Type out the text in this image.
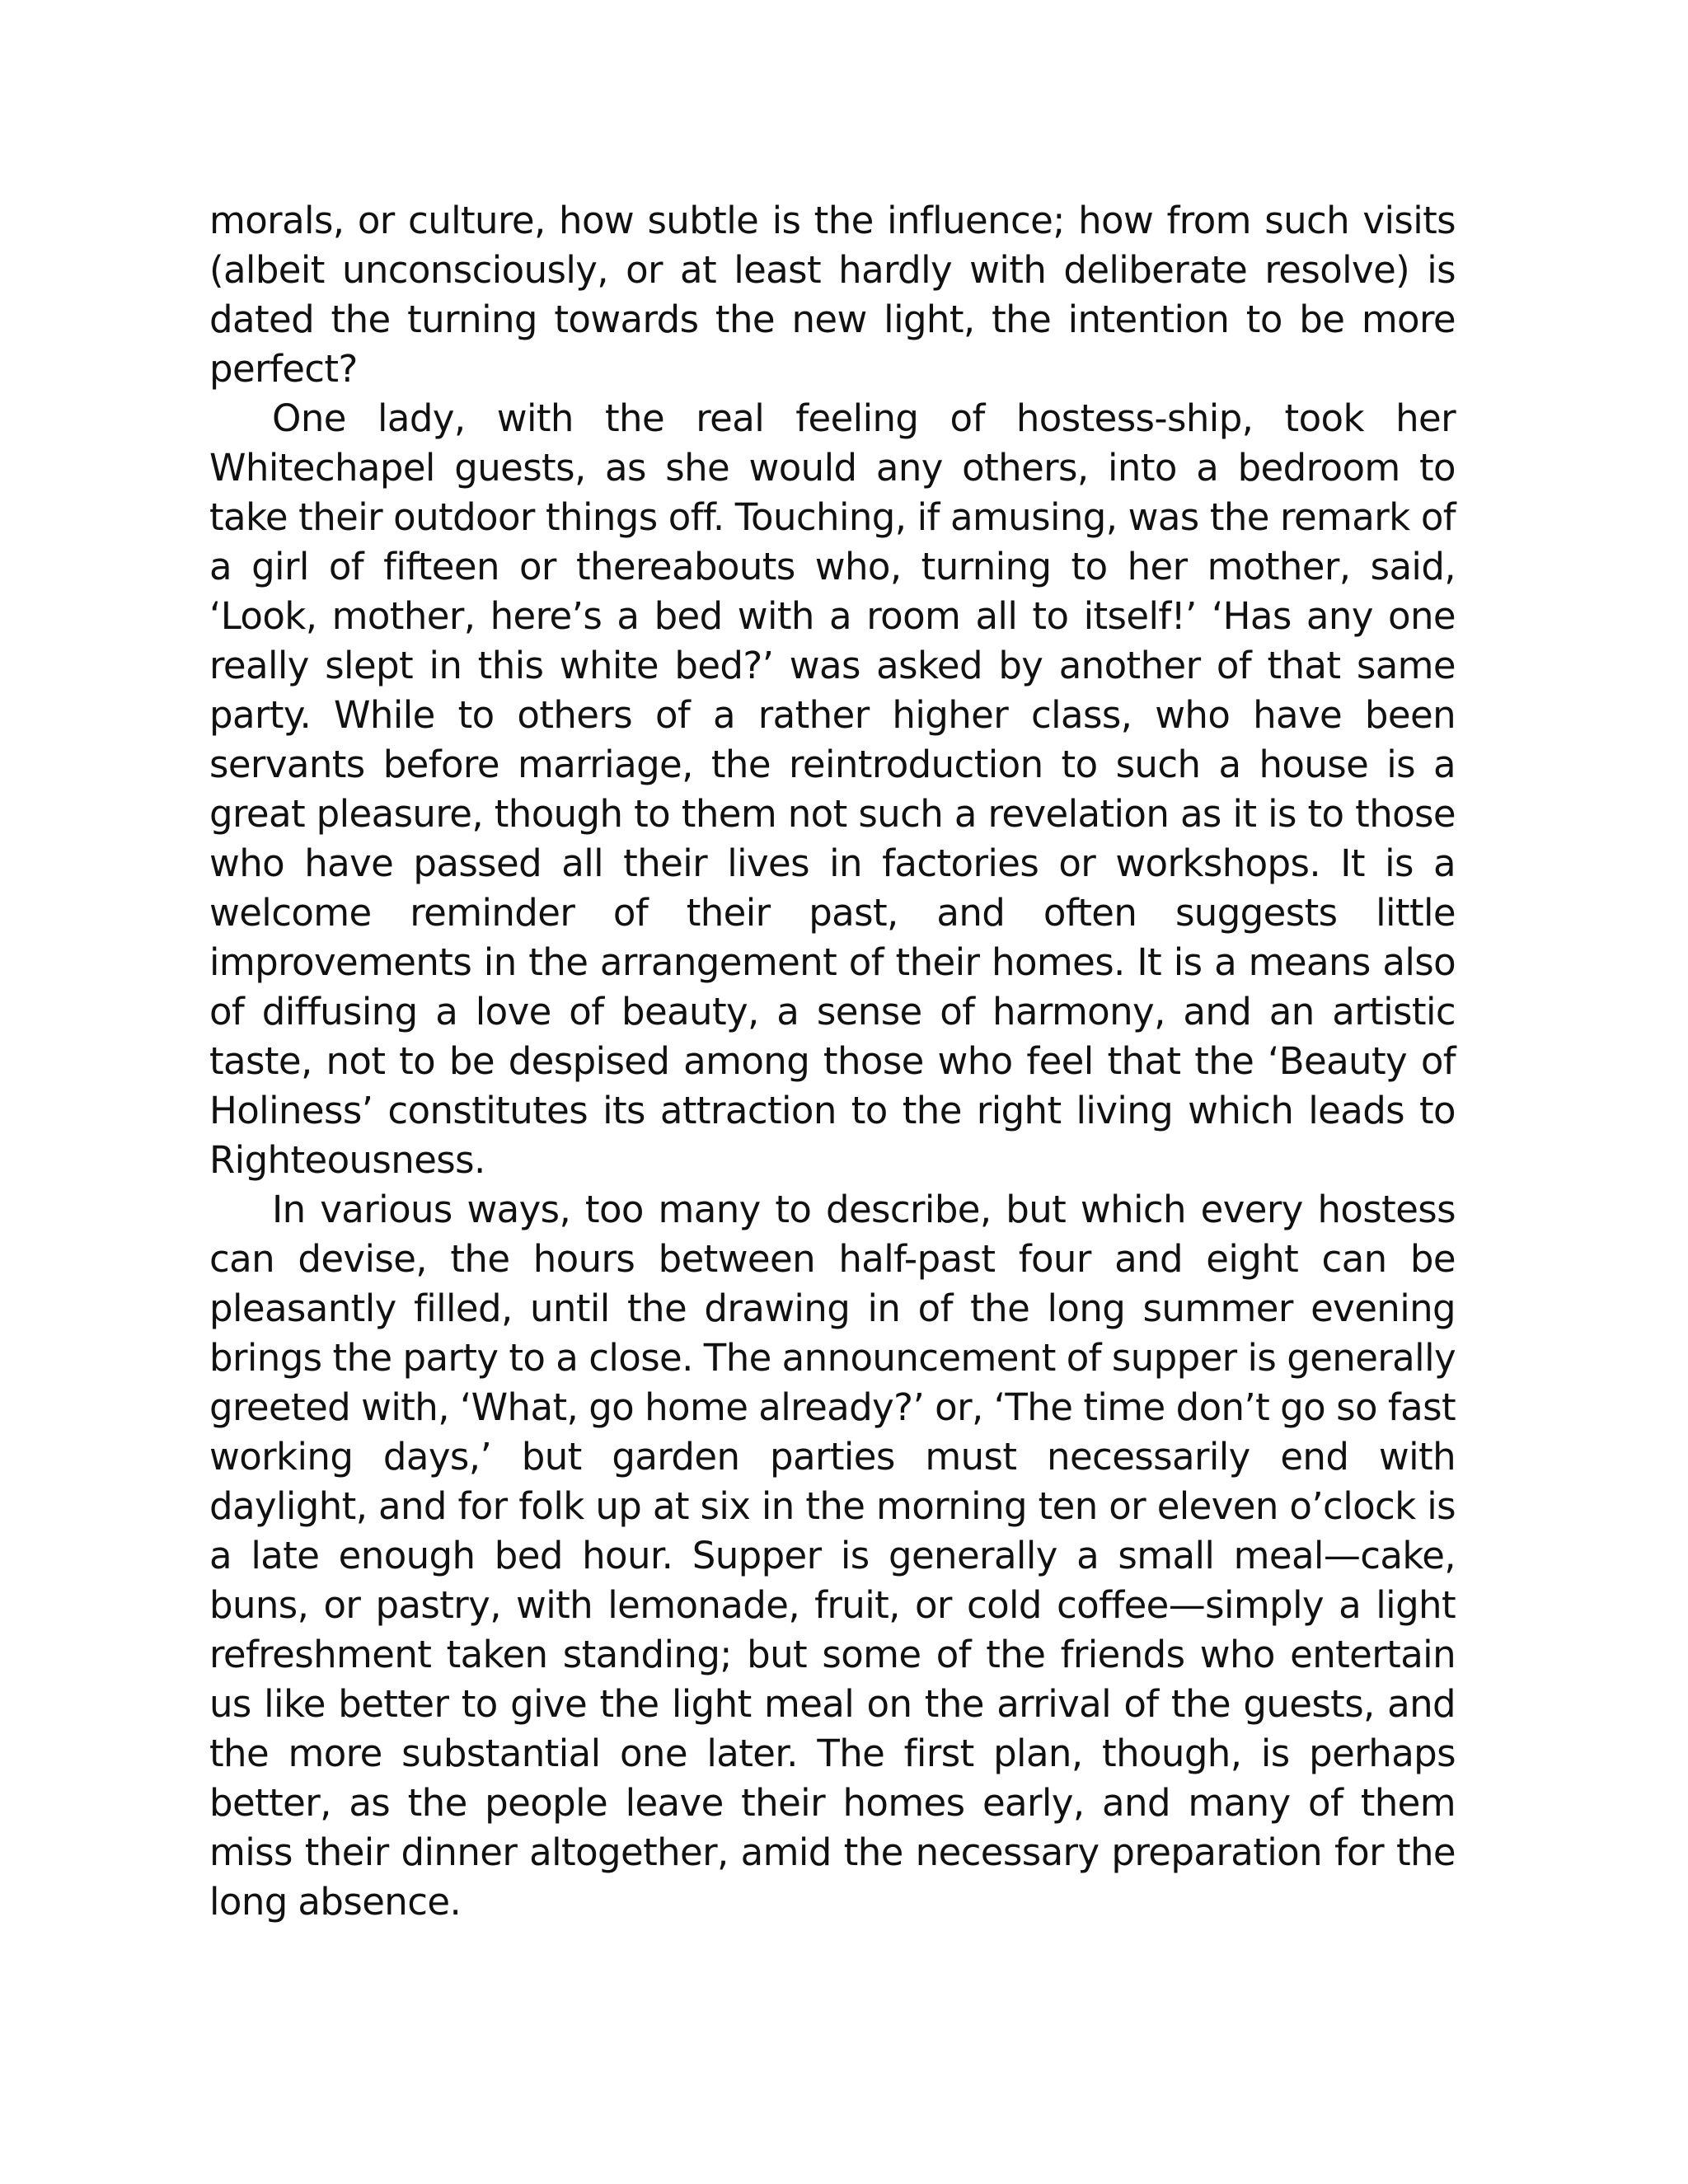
morals, or culture, how subtle is the influence; how from such visits (albeit unconsciously, or at least hardly with deliberate resolve) is dated the turning towards the new light, the intention to be more perfect?

One lady, with the real feeling of hostess-ship, took her Whitechapel guests, as she would any others, into a bedroom to take their outdoor things off. Touching, if amusing, was the remark of a girl of fifteen or thereabouts who, turning to her mother, said, ‘Look, mother, here’s a bed with a room all to itself!’ ‘Has any one really slept in this white bed?’ was asked by another of that same party. While to others of a rather higher class, who have been servants before marriage, the reintroduction to such a house is a great pleasure, though to them not such a revelation as it is to those who have passed all their lives in factories or workshops. It is a welcome reminder of their past, and often suggests little improvements in the arrangement of their homes. It is a means also of diffusing a love of beauty, a sense of harmony, and an artistic taste, not to be despised among those who feel that the ‘Beauty of Holiness’ constitutes its attraction to the right living which leads to Righteousness.

In various ways, too many to describe, but which every hostess can devise, the hours between half-past four and eight can be pleasantly filled, until the drawing in of the long summer evening brings the party to a close. The announcement of supper is generally greeted with, ‘What, go home already?’ or, ‘The time don’t go so fast working days,’ but garden parties must necessarily end with daylight, and for folk up at six in the morning ten or eleven o’clock is a late enough bed hour. Supper is generally a small meal—cake, buns, or pastry, with lemonade, fruit, or cold coffee—simply a light refreshment taken standing; but some of the friends who entertain us like better to give the light meal on the arrival of the guests, and the more substantial one later. The first plan, though, is perhaps better, as the people leave their homes early, and many of them miss their dinner altogether, amid the necessary preparation for the long absence.
